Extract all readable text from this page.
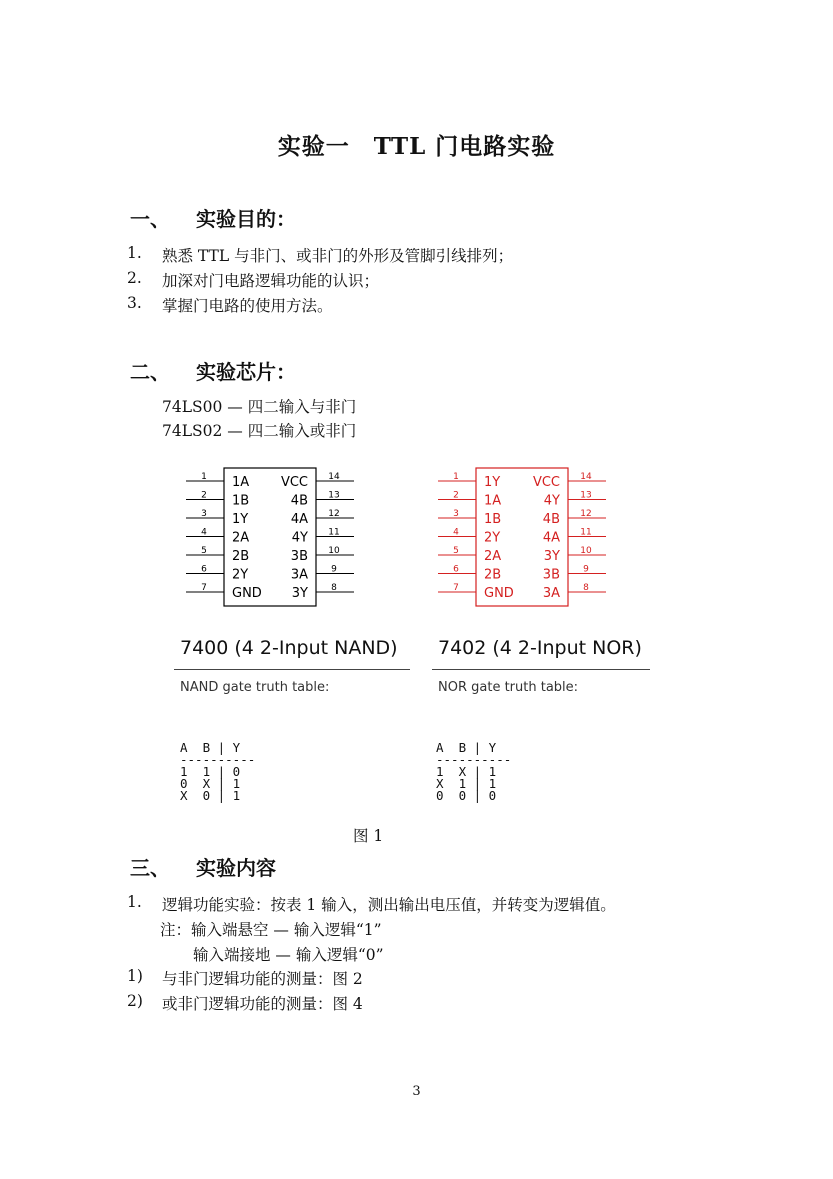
实验一　TTL 门电路实验
一、 实验目的：
1. 熟悉 TTL 与非门、或非门的外形及管脚引线排列；
2. 加深对门电路逻辑功能的认识；
3. 掌握门电路的使用方法。
二、 实验芯片：
74LS00 — 四二输入与非门
74LS02 — 四二输入或非门
1 1A
2 1B
3 1Y
4 2A
5 2B
6 2Y
7 GND
14
VCC
13
4B
12
4A
11
4Y
10
3B
9
3A
8
3Y
1 1Y
2 1A
3 1B
4 2Y
5 2A
6 2B
7 GND
14
VCC
13
4Y
12
4B
11
4A
10
3Y
9
3B
8
3A
7400 (4 2-Input NAND) 7402 (4 2-Input NOR)
NAND gate truth table:	NOR gate truth table:

A  B | Y
----------
1  1 | 0
0  X | 1
X  0 | 1

A  B | Y
----------
1  X | 1
X  1 | 1
0  0 | 0

图 1
三、 实验内容
1. 逻辑功能实验：按表 1 输入，测出输出电压值，并转变为逻辑值。
注：输入端悬空 — 输入逻辑“1”
输入端接地 — 输入逻辑“0”
1) 与非门逻辑功能的测量：图 2
2) 或非门逻辑功能的测量：图 4
3
